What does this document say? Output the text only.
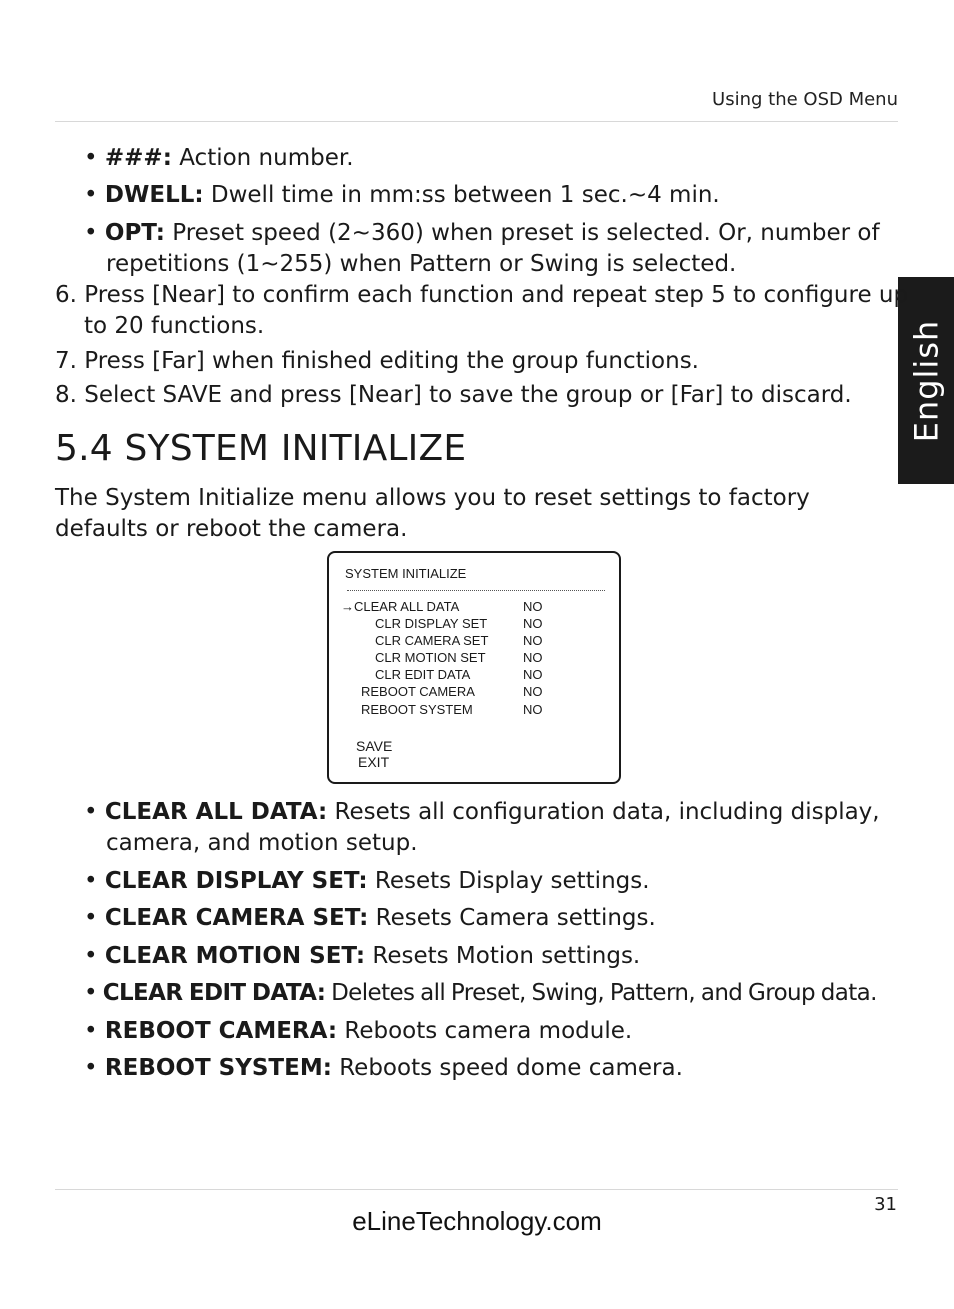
Using the OSD Menu
English

• ###: Action number.

• DWELL: Dwell time in mm:ss between 1 sec.~4 min.

• OPT: Preset speed (2~360) when preset is selected. Or, number of repetitions (1~255) when Pattern or Swing is selected.

6. Press [Near] to confirm each function and repeat step 5 to configure up to 20 functions.

7. Press [Far] when finished editing the group functions.

8. Select SAVE and press [Near] to save the group or [Far] to discard.

5.4 SYSTEM INITIALIZE

The System Initialize menu allows you to reset settings to factory defaults or reboot the camera.

SYSTEM INITIALIZE
→CLEAR ALL DATA	NO
CLR DISPLAY SET	NO
CLR CAMERA SET	NO
CLR MOTION SET	NO
CLR EDIT DATA	NO
REBOOT CAMERA	NO
REBOOT SYSTEM	NO
SAVE
EXIT

• CLEAR ALL DATA: Resets all configuration data, including display, camera, and motion setup.

• CLEAR DISPLAY SET: Resets Display settings.

• CLEAR CAMERA SET: Resets Camera settings.

• CLEAR MOTION SET: Resets Motion settings.

• CLEAR EDIT DATA: Deletes all Preset, Swing, Pattern, and Group data.

• REBOOT CAMERA: Reboots camera module.

• REBOOT SYSTEM: Reboots speed dome camera.

31
eLineTechnology.com
